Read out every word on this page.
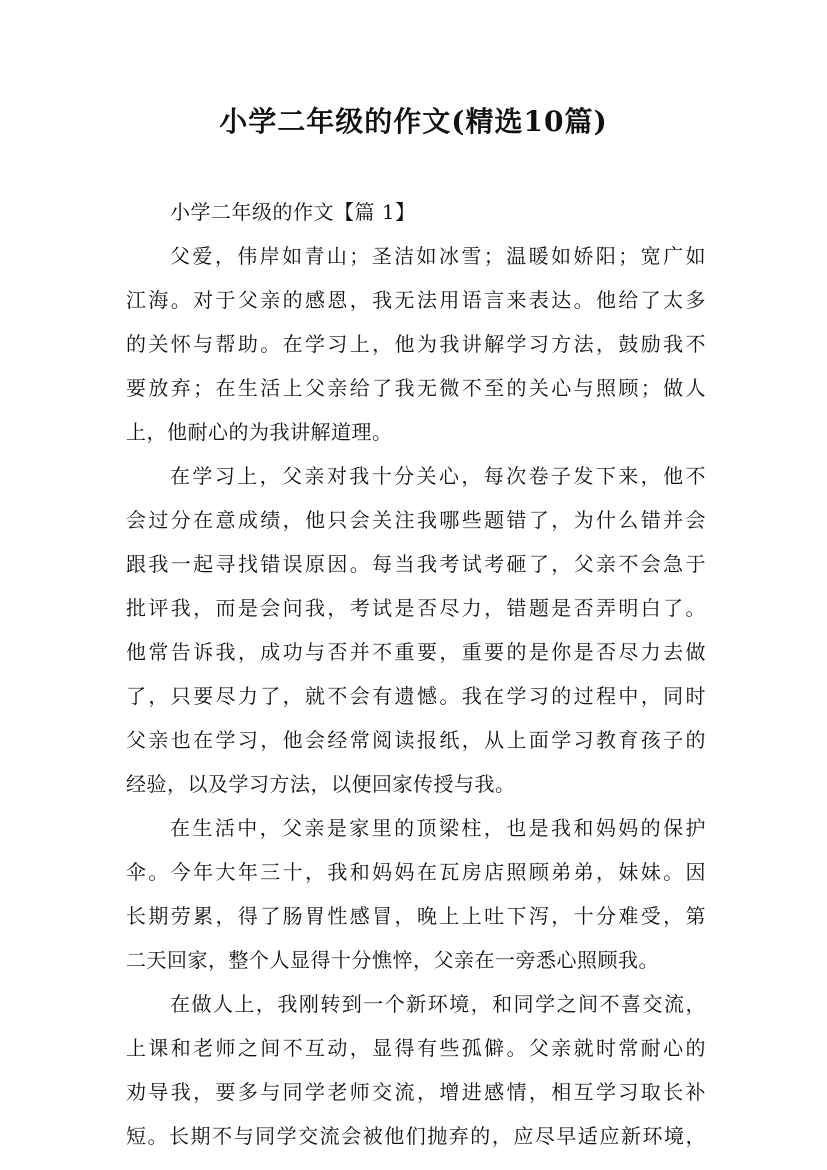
小学二年级的作文(精选10篇)
小学二年级的作文【篇 1】
父爱，伟岸如青山；圣洁如冰雪；温暖如娇阳；宽广如
江海。对于父亲的感恩，我无法用语言来表达。他给了太多
的关怀与帮助。在学习上，他为我讲解学习方法，鼓励我不
要放弃；在生活上父亲给了我无微不至的关心与照顾；做人
上，他耐心的为我讲解道理。
在学习上，父亲对我十分关心，每次卷子发下来，他不
会过分在意成绩，他只会关注我哪些题错了，为什么错并会
跟我一起寻找错误原因。每当我考试考砸了，父亲不会急于
批评我，而是会问我，考试是否尽力，错题是否弄明白了。
他常告诉我，成功与否并不重要，重要的是你是否尽力去做
了，只要尽力了，就不会有遗憾。我在学习的过程中，同时
父亲也在学习，他会经常阅读报纸，从上面学习教育孩子的
经验，以及学习方法，以便回家传授与我。
在生活中，父亲是家里的顶梁柱，也是我和妈妈的保护
伞。今年大年三十，我和妈妈在瓦房店照顾弟弟，妹妹。因
长期劳累，得了肠胃性感冒，晚上上吐下泻，十分难受，第
二天回家，整个人显得十分憔悴，父亲在一旁悉心照顾我。
在做人上，我刚转到一个新环境，和同学之间不喜交流，
上课和老师之间不互动，显得有些孤僻。父亲就时常耐心的
劝导我，要多与同学老师交流，增进感情，相互学习取长补
短。长期不与同学交流会被他们抛弃的，应尽早适应新环境，
